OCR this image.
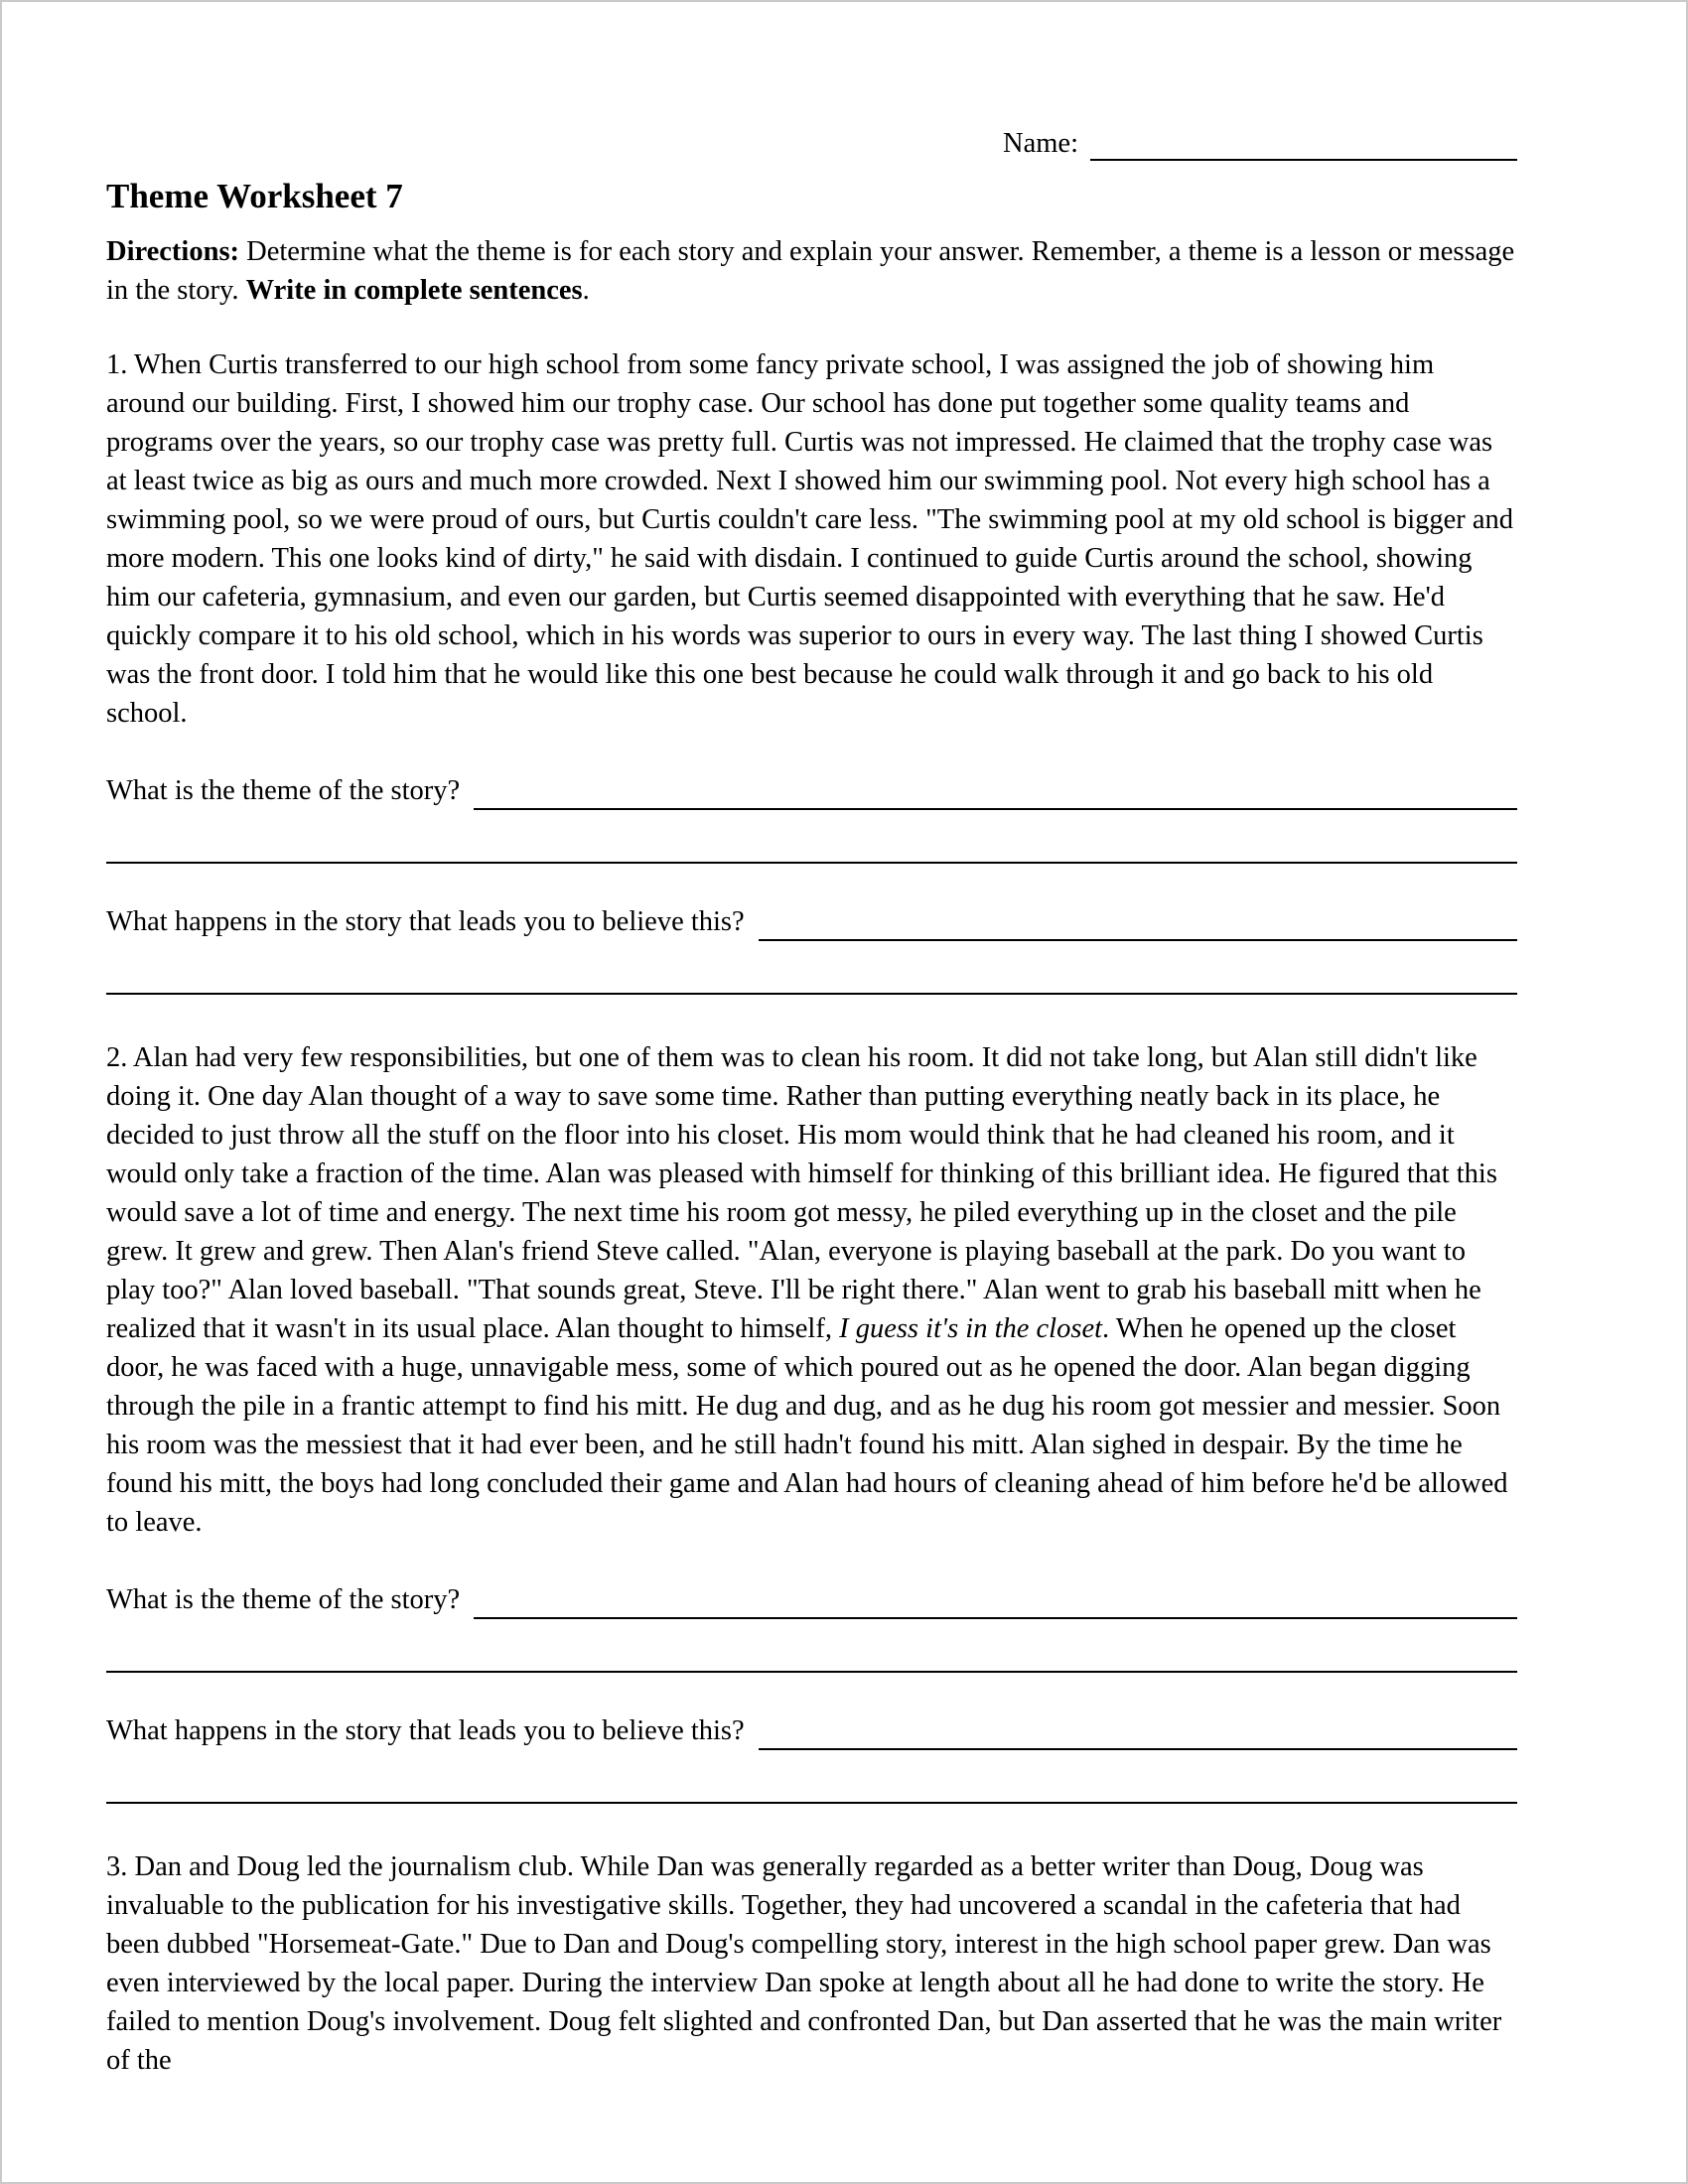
Name:
Theme Worksheet 7

Directions: Determine what the theme is for each story and explain your answer. Remember, a theme is a lesson or message in the story. Write in complete sentences.

1. When Curtis transferred to our high school from some fancy private school, I was assigned the job of showing him around our building. First, I showed him our trophy case. Our school has done put together some quality teams and programs over the years, so our trophy case was pretty full. Curtis was not impressed. He claimed that the trophy case was at least twice as big as ours and much more crowded. Next I showed him our swimming pool. Not every high school has a swimming pool, so we were proud of ours, but Curtis couldn't care less. "The swimming pool at my old school is bigger and more modern. This one looks kind of dirty," he said with disdain. I continued to guide Curtis around the school, showing him our cafeteria, gymnasium, and even our garden, but Curtis seemed disappointed with everything that he saw. He'd quickly compare it to his old school, which in his words was superior to ours in every way. The last thing I showed Curtis was the front door. I told him that he would like this one best because he could walk through it and go back to his old school.

What is the theme of the story?
What happens in the story that leads you to believe this?

2. Alan had very few responsibilities, but one of them was to clean his room. It did not take long, but Alan still didn't like doing it. One day Alan thought of a way to save some time. Rather than putting everything neatly back in its place, he decided to just throw all the stuff on the floor into his closet. His mom would think that he had cleaned his room, and it would only take a fraction of the time. Alan was pleased with himself for thinking of this brilliant idea. He figured that this would save a lot of time and energy. The next time his room got messy, he piled everything up in the closet and the pile grew. It grew and grew. Then Alan's friend Steve called. "Alan, everyone is playing baseball at the park. Do you want to play too?" Alan loved baseball. "That sounds great, Steve. I'll be right there." Alan went to grab his baseball mitt when he realized that it wasn't in its usual place. Alan thought to himself, I guess it's in the closet. When he opened up the closet door, he was faced with a huge, unnavigable mess, some of which poured out as he opened the door. Alan began digging through the pile in a frantic attempt to find his mitt. He dug and dug, and as he dug his room got messier and messier. Soon his room was the messiest that it had ever been, and he still hadn't found his mitt. Alan sighed in despair. By the time he found his mitt, the boys had long concluded their game and Alan had hours of cleaning ahead of him before he'd be allowed to leave.

What is the theme of the story?
What happens in the story that leads you to believe this?

3. Dan and Doug led the journalism club. While Dan was generally regarded as a better writer than Doug, Doug was invaluable to the publication for his investigative skills. Together, they had uncovered a scandal in the cafeteria that had been dubbed "Horsemeat-Gate." Due to Dan and Doug's compelling story, interest in the high school paper grew. Dan was even interviewed by the local paper. During the interview Dan spoke at length about all he had done to write the story. He failed to mention Doug's involvement. Doug felt slighted and confronted Dan, but Dan asserted that he was the main writer of the
